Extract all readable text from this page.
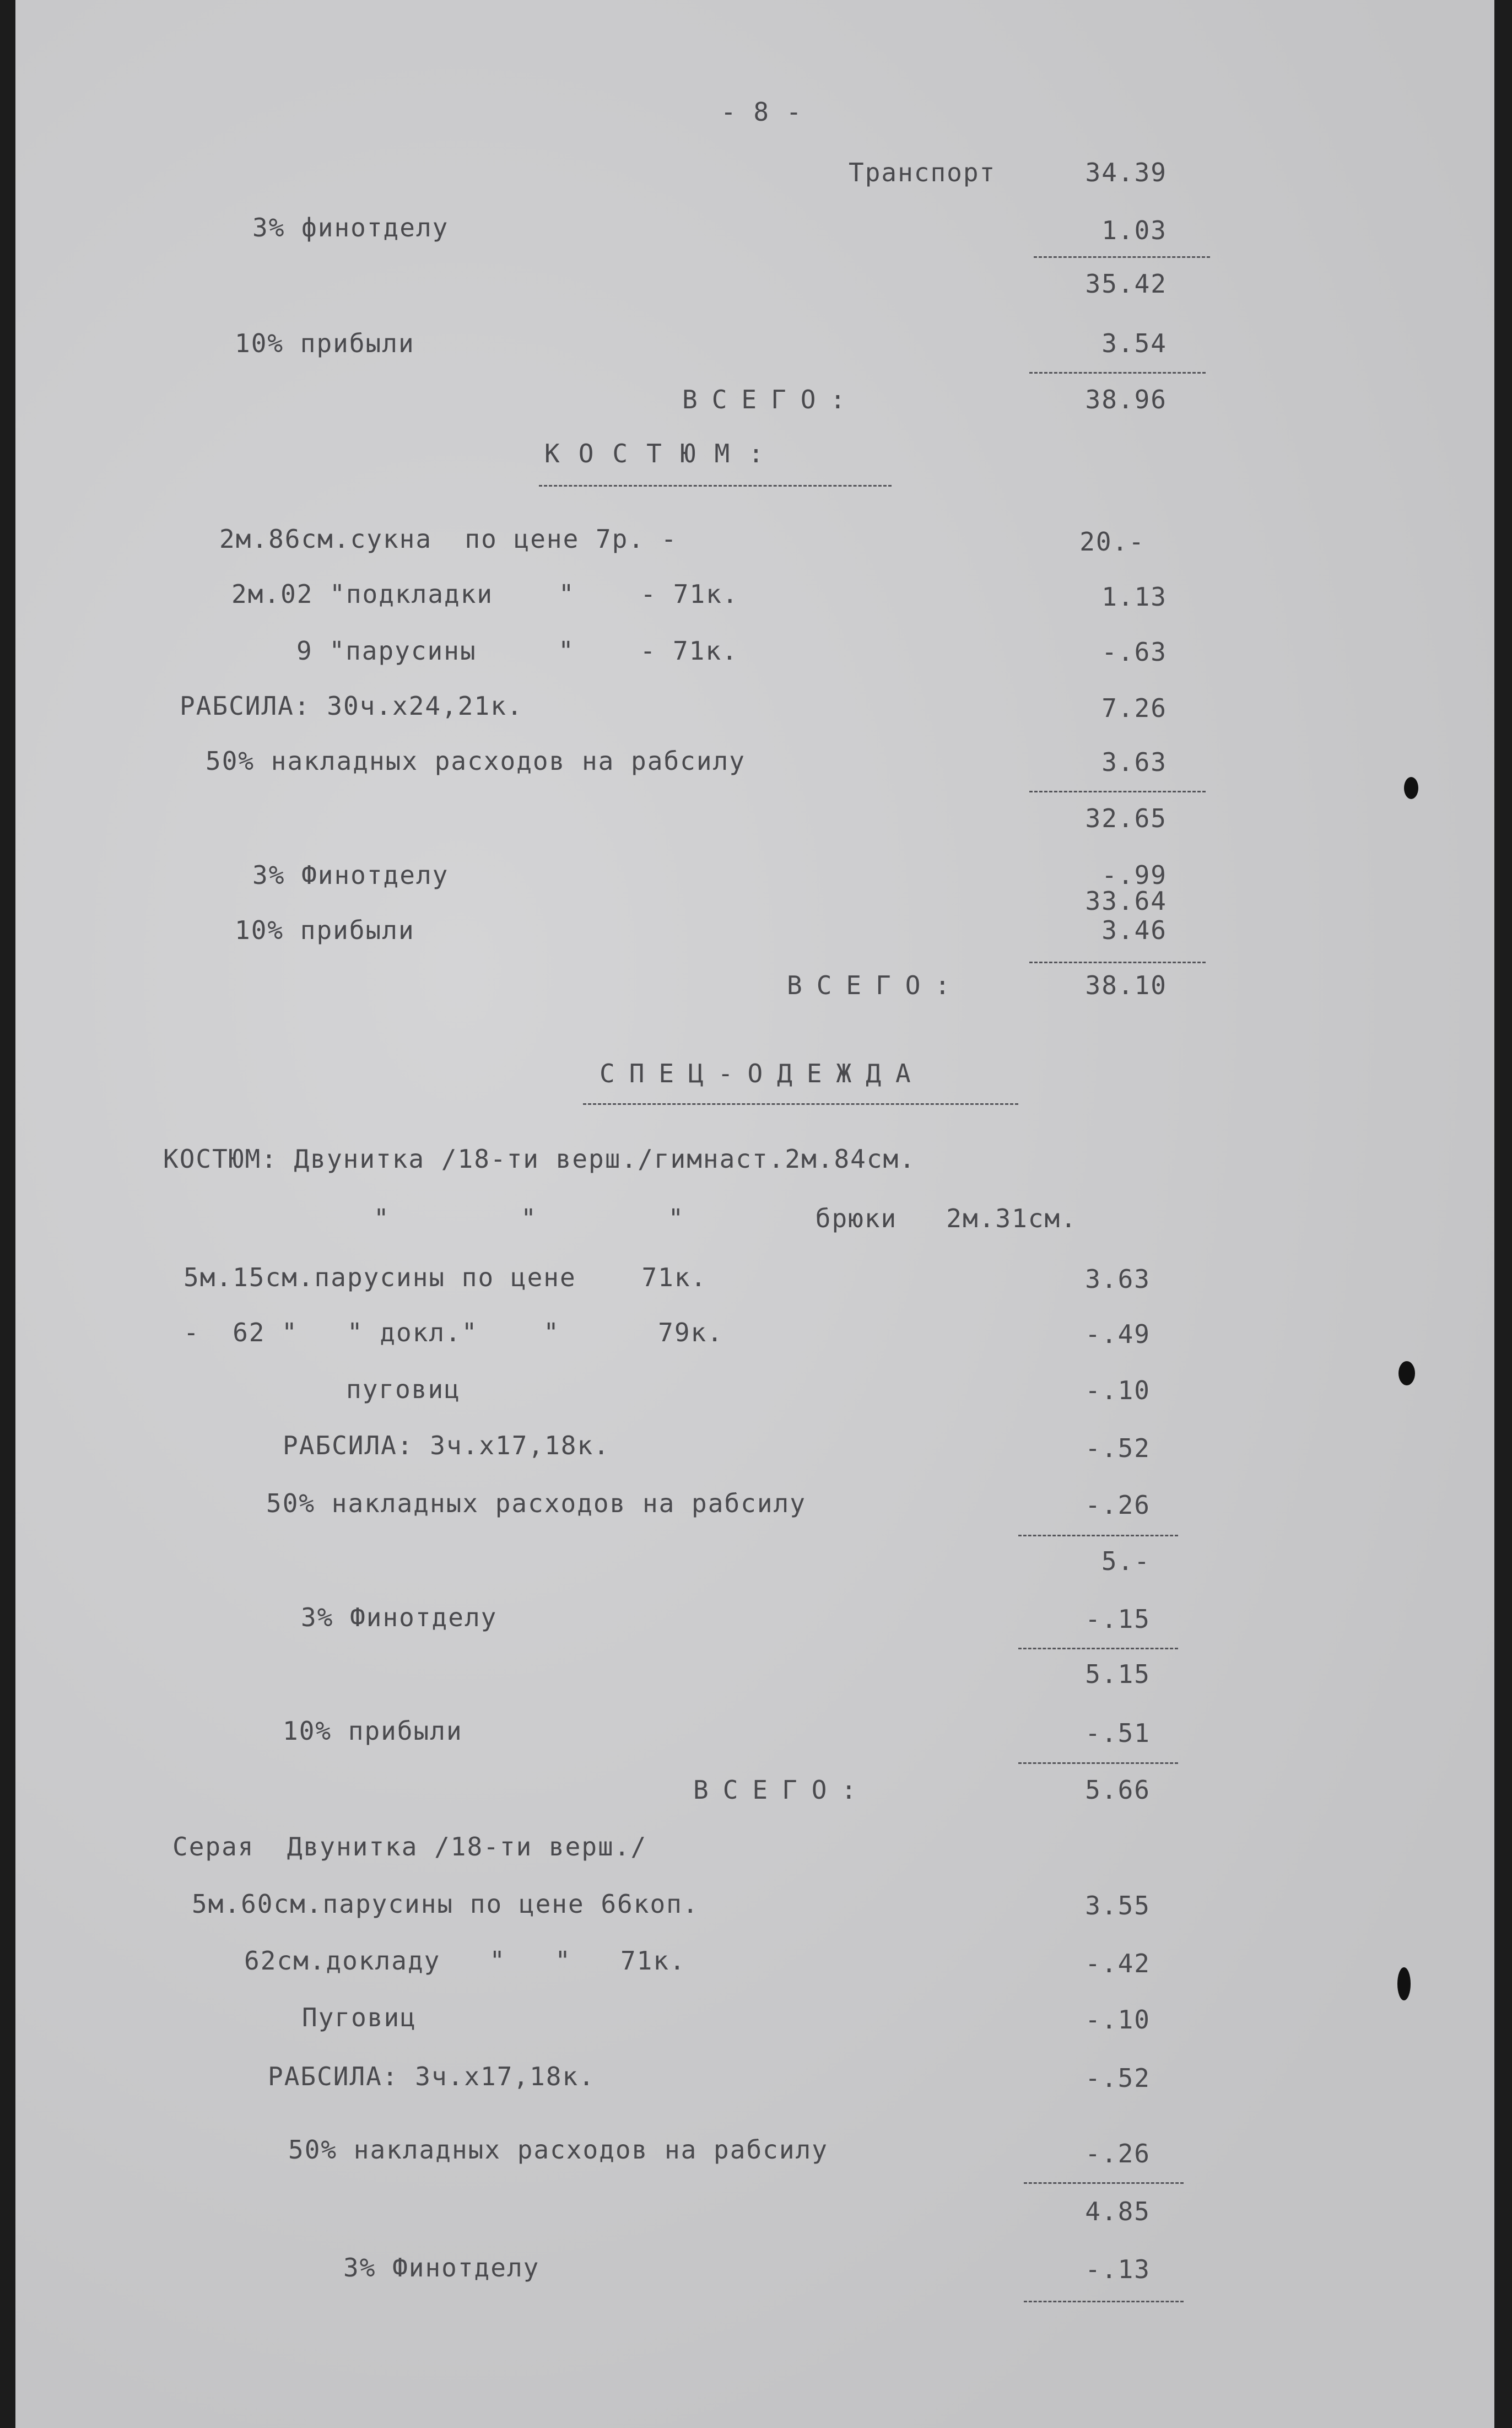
- 8 -
Транспорт	34.39
3% финотделу	1.03
35.42
10% прибыли	3.54
ВСЕГО:	38.96
КОСТЮМ:
2м.86см.сукна  по цене 7р. -	20.-
2м.02 "подкладки    "    - 71к.	1.13
9 "парусины     "    - 71к.	-.63
РАБСИЛА: 30ч.х24,21к.	7.26
50% накладных расходов на рабсилу	3.63
32.65
3% Финотделу	-.99
33.64
10% прибыли	3.46
ВСЕГО:	38.10
СПЕЦ-ОДЕЖДА
КОСТЮМ: Двунитка /18-ти верш./гимнаст.2м.84см.
"        "        "        брюки   2м.31см.
5м.15см.парусины по цене    71к.	3.63
-  62 "   " докл."    "      79к.	-.49
пуговиц	-.10
РАБСИЛА: 3ч.х17,18к.	-.52
50% накладных расходов на рабсилу	-.26
5.-
3% Финотделу	-.15
5.15
10% прибыли	-.51
ВСЕГО:	5.66
Серая  Двунитка /18-ти верш./
5м.60см.парусины по цене 66коп.	3.55
62см.докладу   "   "   71к.	-.42
Пуговиц	-.10
РАБСИЛА: 3ч.х17,18к.	-.52
50% накладных расходов на рабсилу	-.26
4.85
3% Финотделу	-.13
